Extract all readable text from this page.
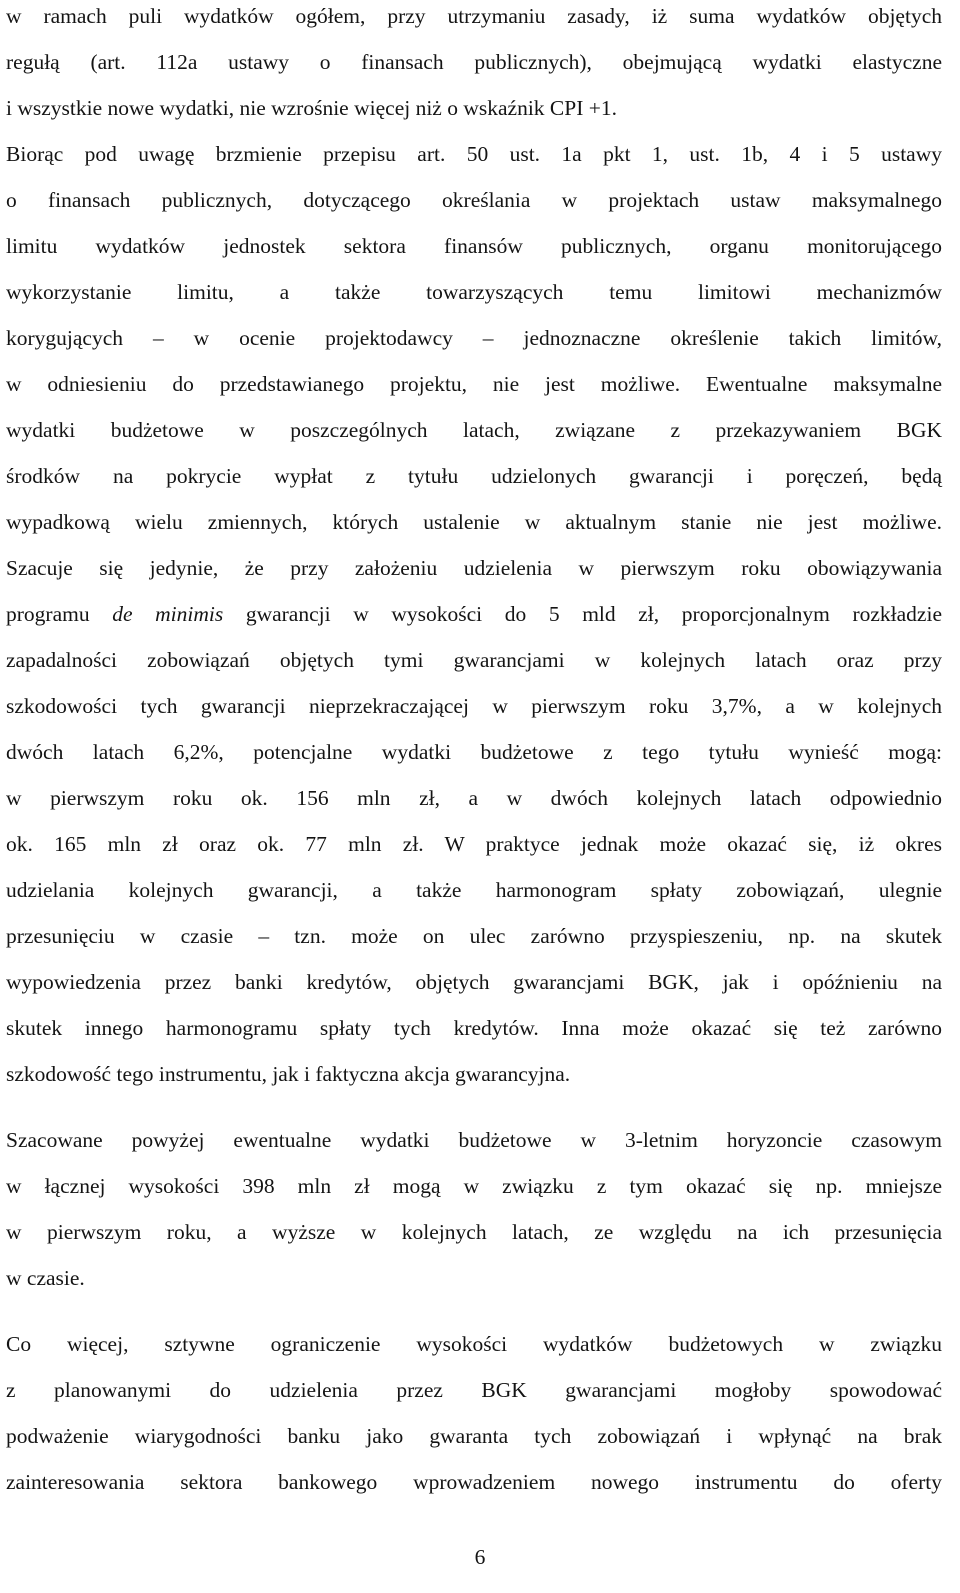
w ramach puli wydatków ogółem, przy utrzymaniu zasady, iż suma wydatków objętych
regułą (art. 112a ustawy o finansach publicznych), obejmującą wydatki elastyczne
i wszystkie nowe wydatki, nie wzrośnie więcej niż o wskaźnik CPI +1.
Biorąc pod uwagę brzmienie przepisu art. 50 ust. 1a pkt 1, ust. 1b, 4 i 5 ustawy
o finansach publicznych, dotyczącego określania w projektach ustaw maksymalnego
limitu wydatków jednostek sektora finansów publicznych, organu monitorującego
wykorzystanie limitu, a także towarzyszących temu limitowi mechanizmów
korygujących – w ocenie projektodawcy – jednoznaczne określenie takich limitów,
w odniesieniu do przedstawianego projektu, nie jest możliwe. Ewentualne maksymalne
wydatki budżetowe w poszczególnych latach, związane z przekazywaniem BGK
środków na pokrycie wypłat z tytułu udzielonych gwarancji i poręczeń, będą
wypadkową wielu zmiennych, których ustalenie w aktualnym stanie nie jest możliwe.
Szacuje się jedynie, że przy założeniu udzielenia w pierwszym roku obowiązywania
programu de minimis gwarancji w wysokości do 5 mld zł, proporcjonalnym rozkładzie
zapadalności zobowiązań objętych tymi gwarancjami w kolejnych latach oraz przy
szkodowości tych gwarancji nieprzekraczającej w pierwszym roku 3,7%, a w kolejnych
dwóch latach 6,2%, potencjalne wydatki budżetowe z tego tytułu wynieść mogą:
w pierwszym roku ok. 156 mln zł, a w dwóch kolejnych latach odpowiednio
ok. 165 mln zł oraz ok. 77 mln zł. W praktyce jednak może okazać się, iż okres
udzielania kolejnych gwarancji, a także harmonogram spłaty zobowiązań, ulegnie
przesunięciu w czasie – tzn. może on ulec zarówno przyspieszeniu, np. na skutek
wypowiedzenia przez banki kredytów, objętych gwarancjami BGK, jak i opóźnieniu na
skutek innego harmonogramu spłaty tych kredytów. Inna może okazać się też zarówno
szkodowość tego instrumentu, jak i faktyczna akcja gwarancyjna.
Szacowane powyżej ewentualne wydatki budżetowe w 3-letnim horyzoncie czasowym
w łącznej wysokości 398 mln zł mogą w związku z tym okazać się np. mniejsze
w pierwszym roku, a wyższe w kolejnych latach, ze względu na ich przesunięcia
w czasie.
Co więcej, sztywne ograniczenie wysokości wydatków budżetowych w związku
z planowanymi do udzielenia przez BGK gwarancjami mogłoby spowodować
podważenie wiarygodności banku jako gwaranta tych zobowiązań i wpłynąć na brak
zainteresowania sektora bankowego wprowadzeniem nowego instrumentu do oferty
6
